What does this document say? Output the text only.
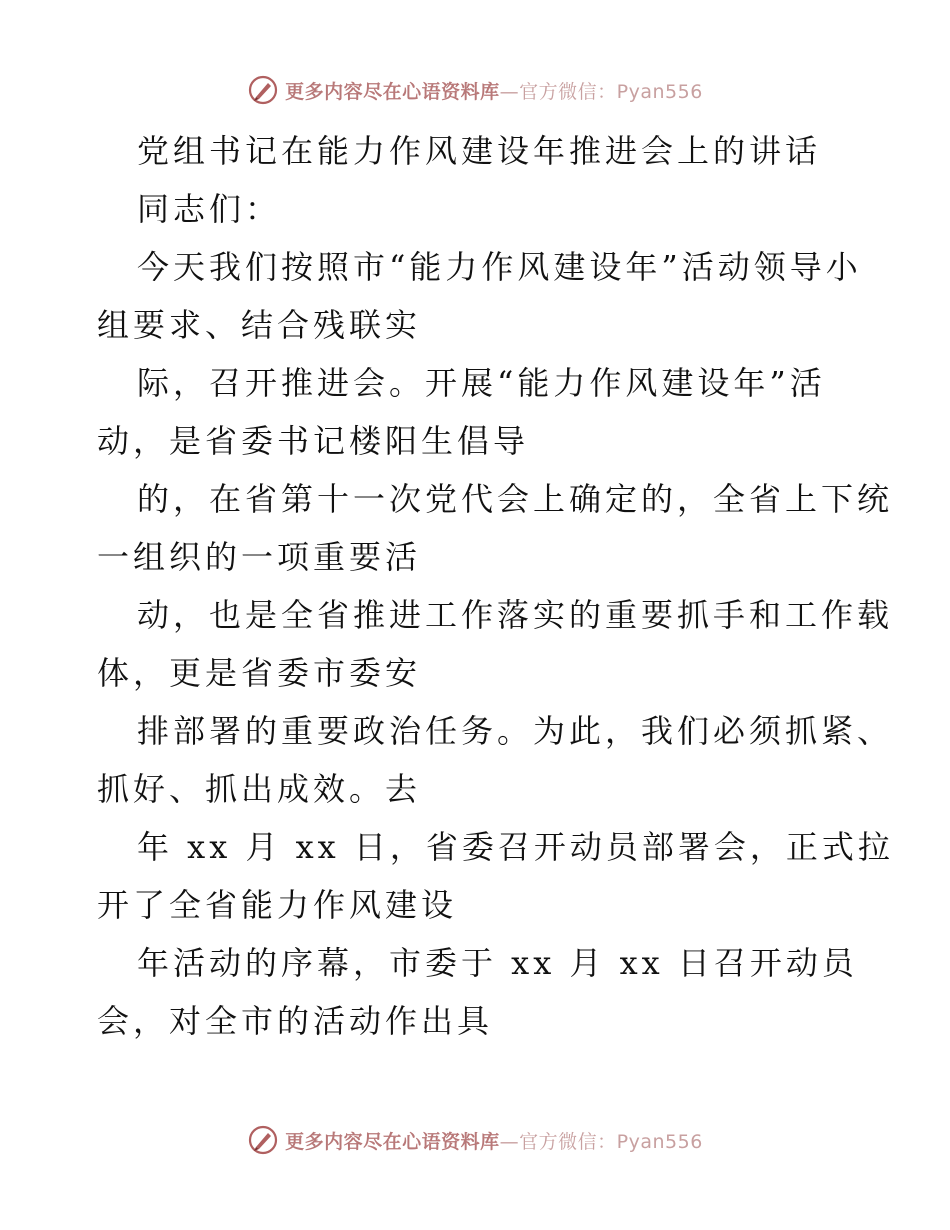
更多内容尽在心语资料库—官方微信：Pyan556
党组书记在能力作风建设年推进会上的讲话
同志们：
今天我们按照市“能力作风建设年”活动领导小
组要求、结合残联实
际，召开推进会。开展“能力作风建设年”活
动，是省委书记楼阳生倡导
的，在省第十一次党代会上确定的，全省上下统
一组织的一项重要活
动，也是全省推进工作落实的重要抓手和工作载
体，更是省委市委安
排部署的重要政治任务。为此，我们必须抓紧、
抓好、抓出成效。去
年 xx 月 xx 日，省委召开动员部署会，正式拉
开了全省能力作风建设
年活动的序幕，市委于 xx 月 xx 日召开动员
会，对全市的活动作出具
更多内容尽在心语资料库—官方微信：Pyan556
